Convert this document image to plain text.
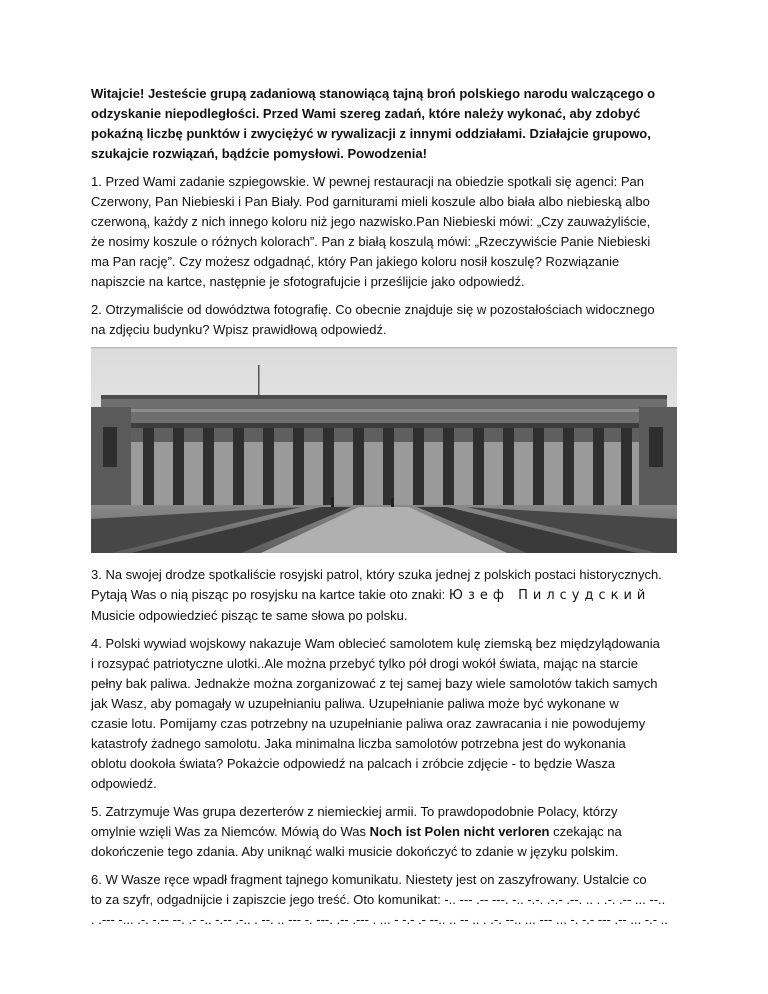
Witajcie! Jesteście grupą zadaniową stanowiącą tajną broń polskiego narodu walczącego o
odzyskanie niepodległości. Przed Wami szereg zadań, które należy wykonać, aby zdobyć
pokaźną liczbę punktów i zwyciężyć w rywalizacji z innymi oddziałami. Działajcie grupowo,
szukajcie rozwiązań, bądźcie pomysłowi. Powodzenia!

1. Przed Wami zadanie szpiegowskie. W pewnej restauracji na obiedzie spotkali się agenci: Pan
Czerwony, Pan Niebieski i Pan Biały. Pod garniturami mieli koszule albo biała albo niebieską albo
czerwoną, każdy z nich innego koloru niż jego nazwisko.Pan Niebieski mówi: „Czy zauważyliście,
że nosimy koszule o różnych kolorach”. Pan z białą koszulą mówi: „Rzeczywiście Panie Niebieski
ma Pan rację”. Czy możesz odgadnąć, który Pan jakiego koloru nosił koszulę? Rozwiązanie
napiszcie na kartce, następnie je sfotografujcie i prześlijcie jako odpowiedź.

2. Otrzymaliście od dowództwa fotografię. Co obecnie znajduje się w pozostałościach widocznego
na zdjęciu budynku? Wpisz prawidłową odpowiedź.

3. Na swojej drodze spotkaliście rosyjski patrol, który szuka jednej z polskich postaci historycznych.
Pytają Was o nią pisząc po rosyjsku na kartce takie oto znaki: Юзеф Пилсудский
Musicie odpowiedzieć pisząc te same słowa po polsku.

4. Polski wywiad wojskowy nakazuje Wam oblecieć samolotem kulę ziemską bez międzylądowania
i rozsypać patriotyczne ulotki..Ale można przebyć tylko pół drogi wokół świata, mając na starcie
pełny bak paliwa. Jednakże można zorganizować z tej samej bazy wiele samolotów takich samych
jak Wasz, aby pomagały w uzupełnianiu paliwa. Uzupełnianie paliwa może być wykonane w
czasie lotu. Pomijamy czas potrzebny na uzupełnianie paliwa oraz zawracania i nie powodujemy
katastrofy żadnego samolotu. Jaka minimalna liczba samolotów potrzebna jest do wykonania
oblotu dookoła świata? Pokażcie odpowiedź na palcach i zróbcie zdjęcie - to będzie Wasza
odpowiedź.

5. Zatrzymuje Was grupa dezerterów z niemieckiej armii. To prawdopodobnie Polacy, którzy
omylnie wzięli Was za Niemców. Mówią do Was Noch ist Polen nicht verloren czekając na
dokończenie tego zdania. Aby uniknąć walki musicie dokończyć to zdanie w języku polskim.

6. W Wasze ręce wpadł fragment tajnego komunikatu. Niestety jest on zaszyfrowany. Ustalcie co
to za szyfr, odgadnijcie i zapiszcie jego treść. Oto komunikat: -.. --- .-- ---. -.. -.-. .-.- .--. .. . .-. .-- ... --..
. .--- -... .-. -.-- --. .- -.. -.-- .-.. . --. .. --- -. ---. .-- .--- . ... - -.- .- --.. .. -- .. . .-. --.. ... --- ... -. -.- --- .-- ... -.- ..
